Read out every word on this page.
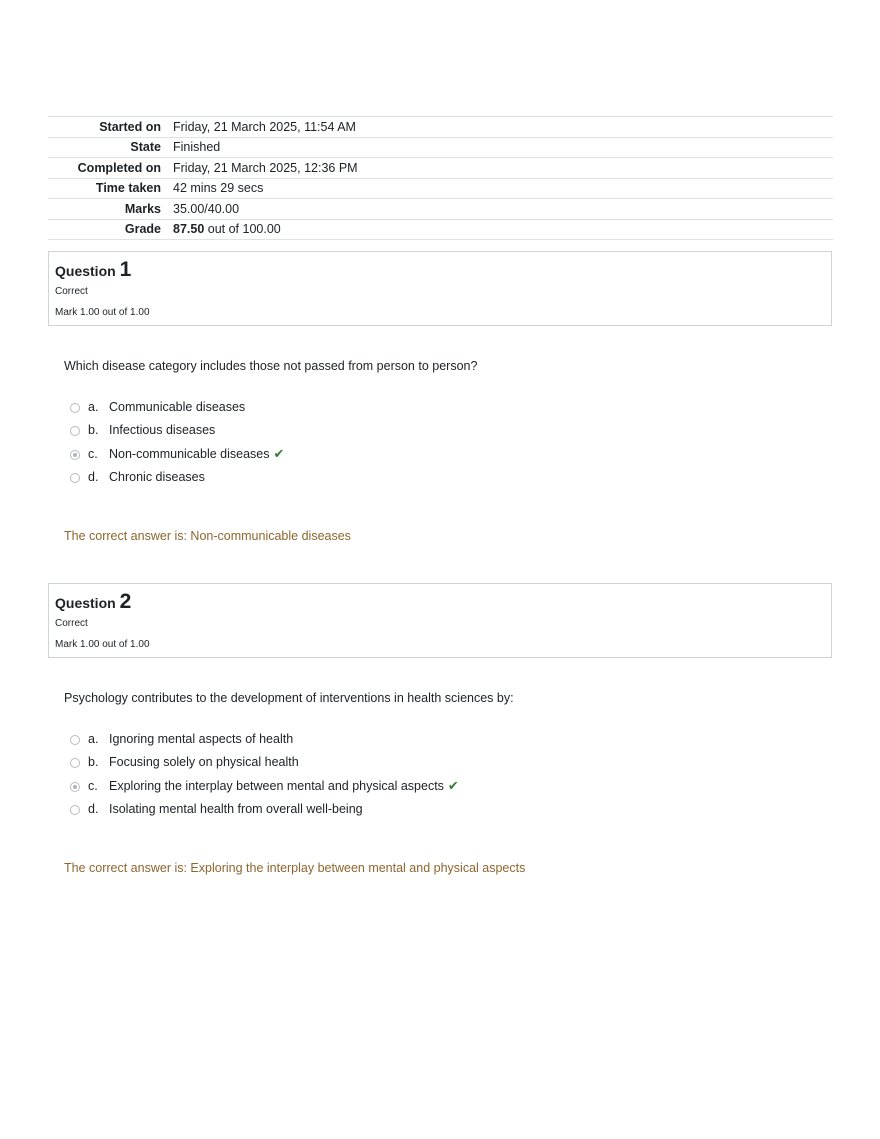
Started on	Friday, 21 March 2025, 11:54 AM
State	Finished
Completed on	Friday, 21 March 2025, 12:36 PM
Time taken	42 mins 29 secs
Marks	35.00/40.00
Grade	87.50 out of 100.00
Question 1
Correct
Mark 1.00 out of 1.00
Which disease category includes those not passed from person to person?
a. Communicable diseases
b. Infectious diseases
c. Non-communicable diseases ✔
d. Chronic diseases
The correct answer is: Non-communicable diseases
Question 2
Correct
Mark 1.00 out of 1.00
Psychology contributes to the development of interventions in health sciences by:
a. Ignoring mental aspects of health
b. Focusing solely on physical health
c. Exploring the interplay between mental and physical aspects ✔
d. Isolating mental health from overall well-being
The correct answer is: Exploring the interplay between mental and physical aspects
